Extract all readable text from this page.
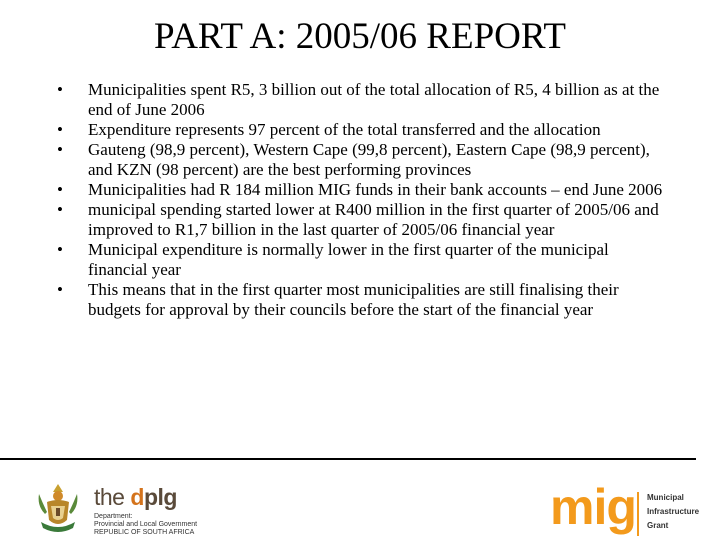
PART A: 2005/06 REPORT
• Municipalities spent R5, 3 billion out of the total allocation of R5, 4 billion as at the end of June 2006
• Expenditure represents 97 percent of the total transferred and the allocation
• Gauteng (98,9 percent), Western Cape (99,8 percent), Eastern Cape (98,9 percent), and KZN (98 percent) are the best performing provinces
• Municipalities had R 184 million MIG funds in their bank accounts – end June 2006
• municipal spending started lower at R400 million in the first quarter of 2005/06 and improved to R1,7 billion in the last quarter of 2005/06 financial year
• Municipal expenditure is normally lower in the first quarter of the municipal financial year
• This means that in the first quarter most municipalities are still finalising their budgets for approval by their councils before the start of the financial year
the dplg
Department:
Provincial and Local Government
REPUBLIC OF SOUTH AFRICA	mig Municipal
Infrastructure
Grant
